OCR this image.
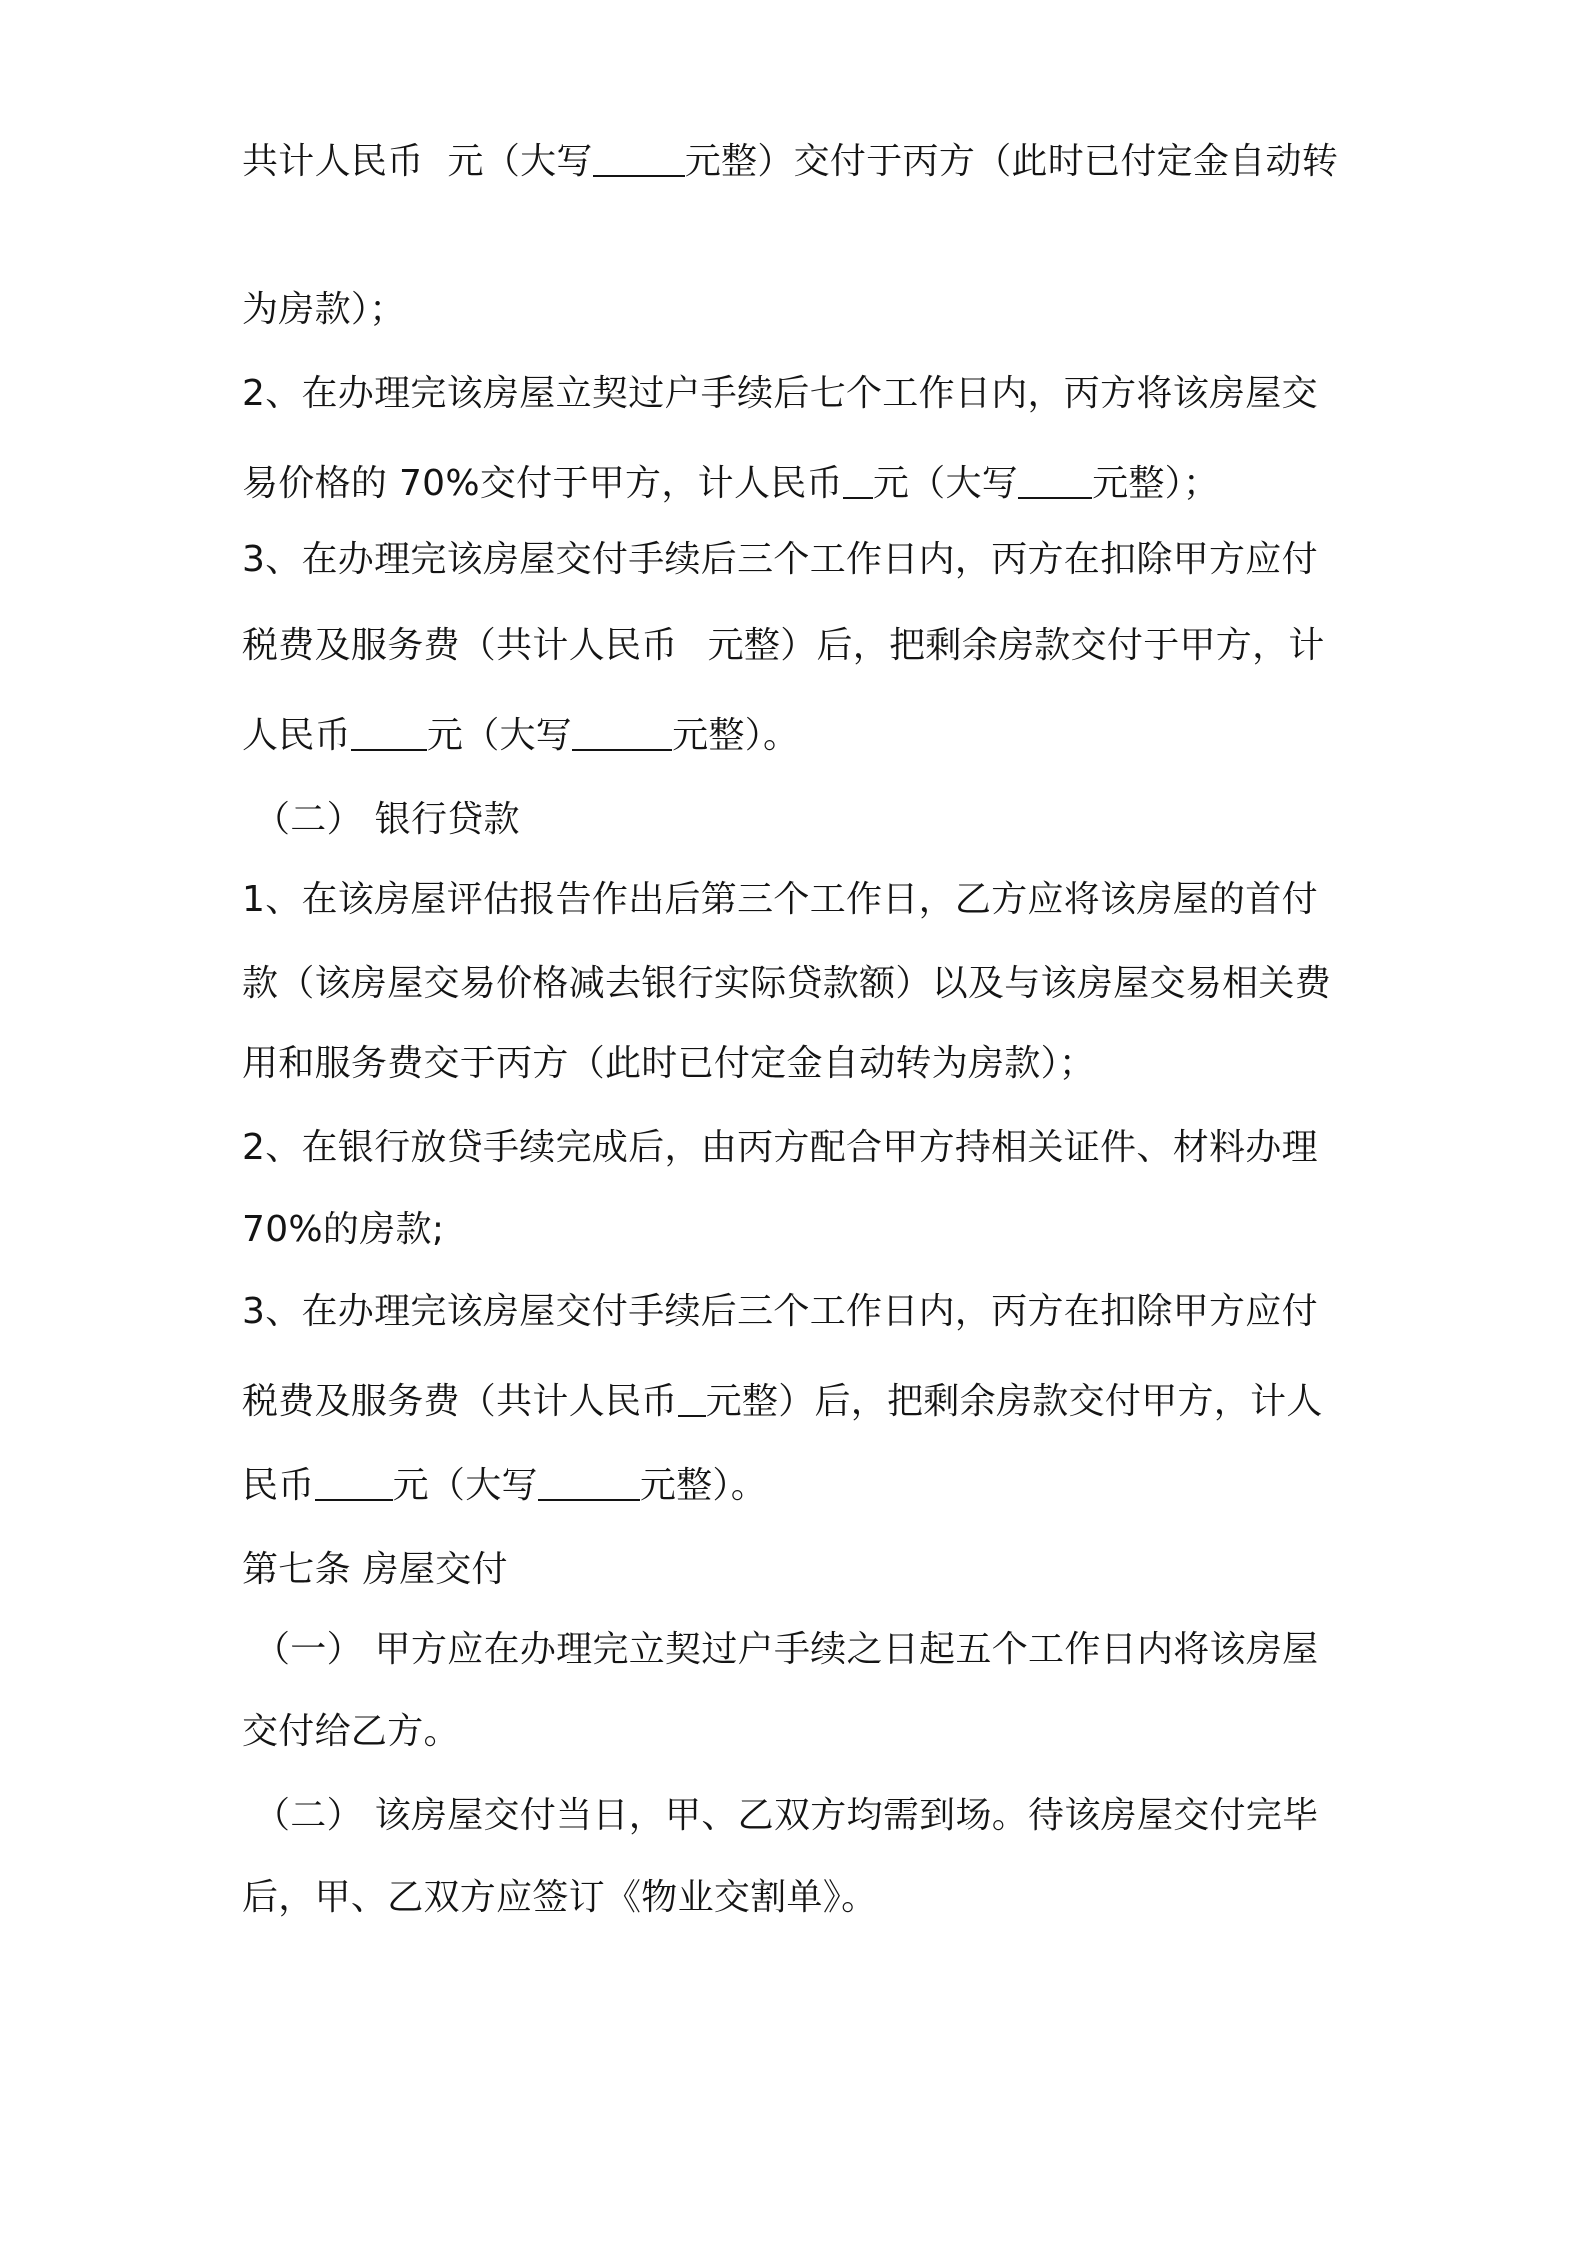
共计人民币 元（大写	元整）交付于丙方（此时已付定金自动转

为房款）；

2、在办理完该房屋立契过户手续后七个工作日内，丙方将该房屋交

易价格的 70%交付于甲方，计人民币 元（大写 元整）；

3、在办理完该房屋交付手续后三个工作日内，丙方在扣除甲方应付

税费及服务费（共计人民币 元整）后，把剩余房款交付于甲方，计

人民币 元（大写	元整）。

（二） 银行贷款

1、在该房屋评估报告作出后第三个工作日，乙方应将该房屋的首付

款（该房屋交易价格减去银行实际贷款额）以及与该房屋交易相关费

用和服务费交于丙方（此时已付定金自动转为房款）；

2、在银行放贷手续完成后，由丙方配合甲方持相关证件、材料办理

70%的房款;

3、在办理完该房屋交付手续后三个工作日内，丙方在扣除甲方应付

税费及服务费（共计人民币 元整）后，把剩余房款交付甲方，计人

民币 元（大写	元整）。

第七条 房屋交付

（一） 甲方应在办理完立契过户手续之日起五个工作日内将该房屋

交付给乙方。

（二） 该房屋交付当日，甲、乙双方均需到场。待该房屋交付完毕

后，甲、乙双方应签订《物业交割单》。
